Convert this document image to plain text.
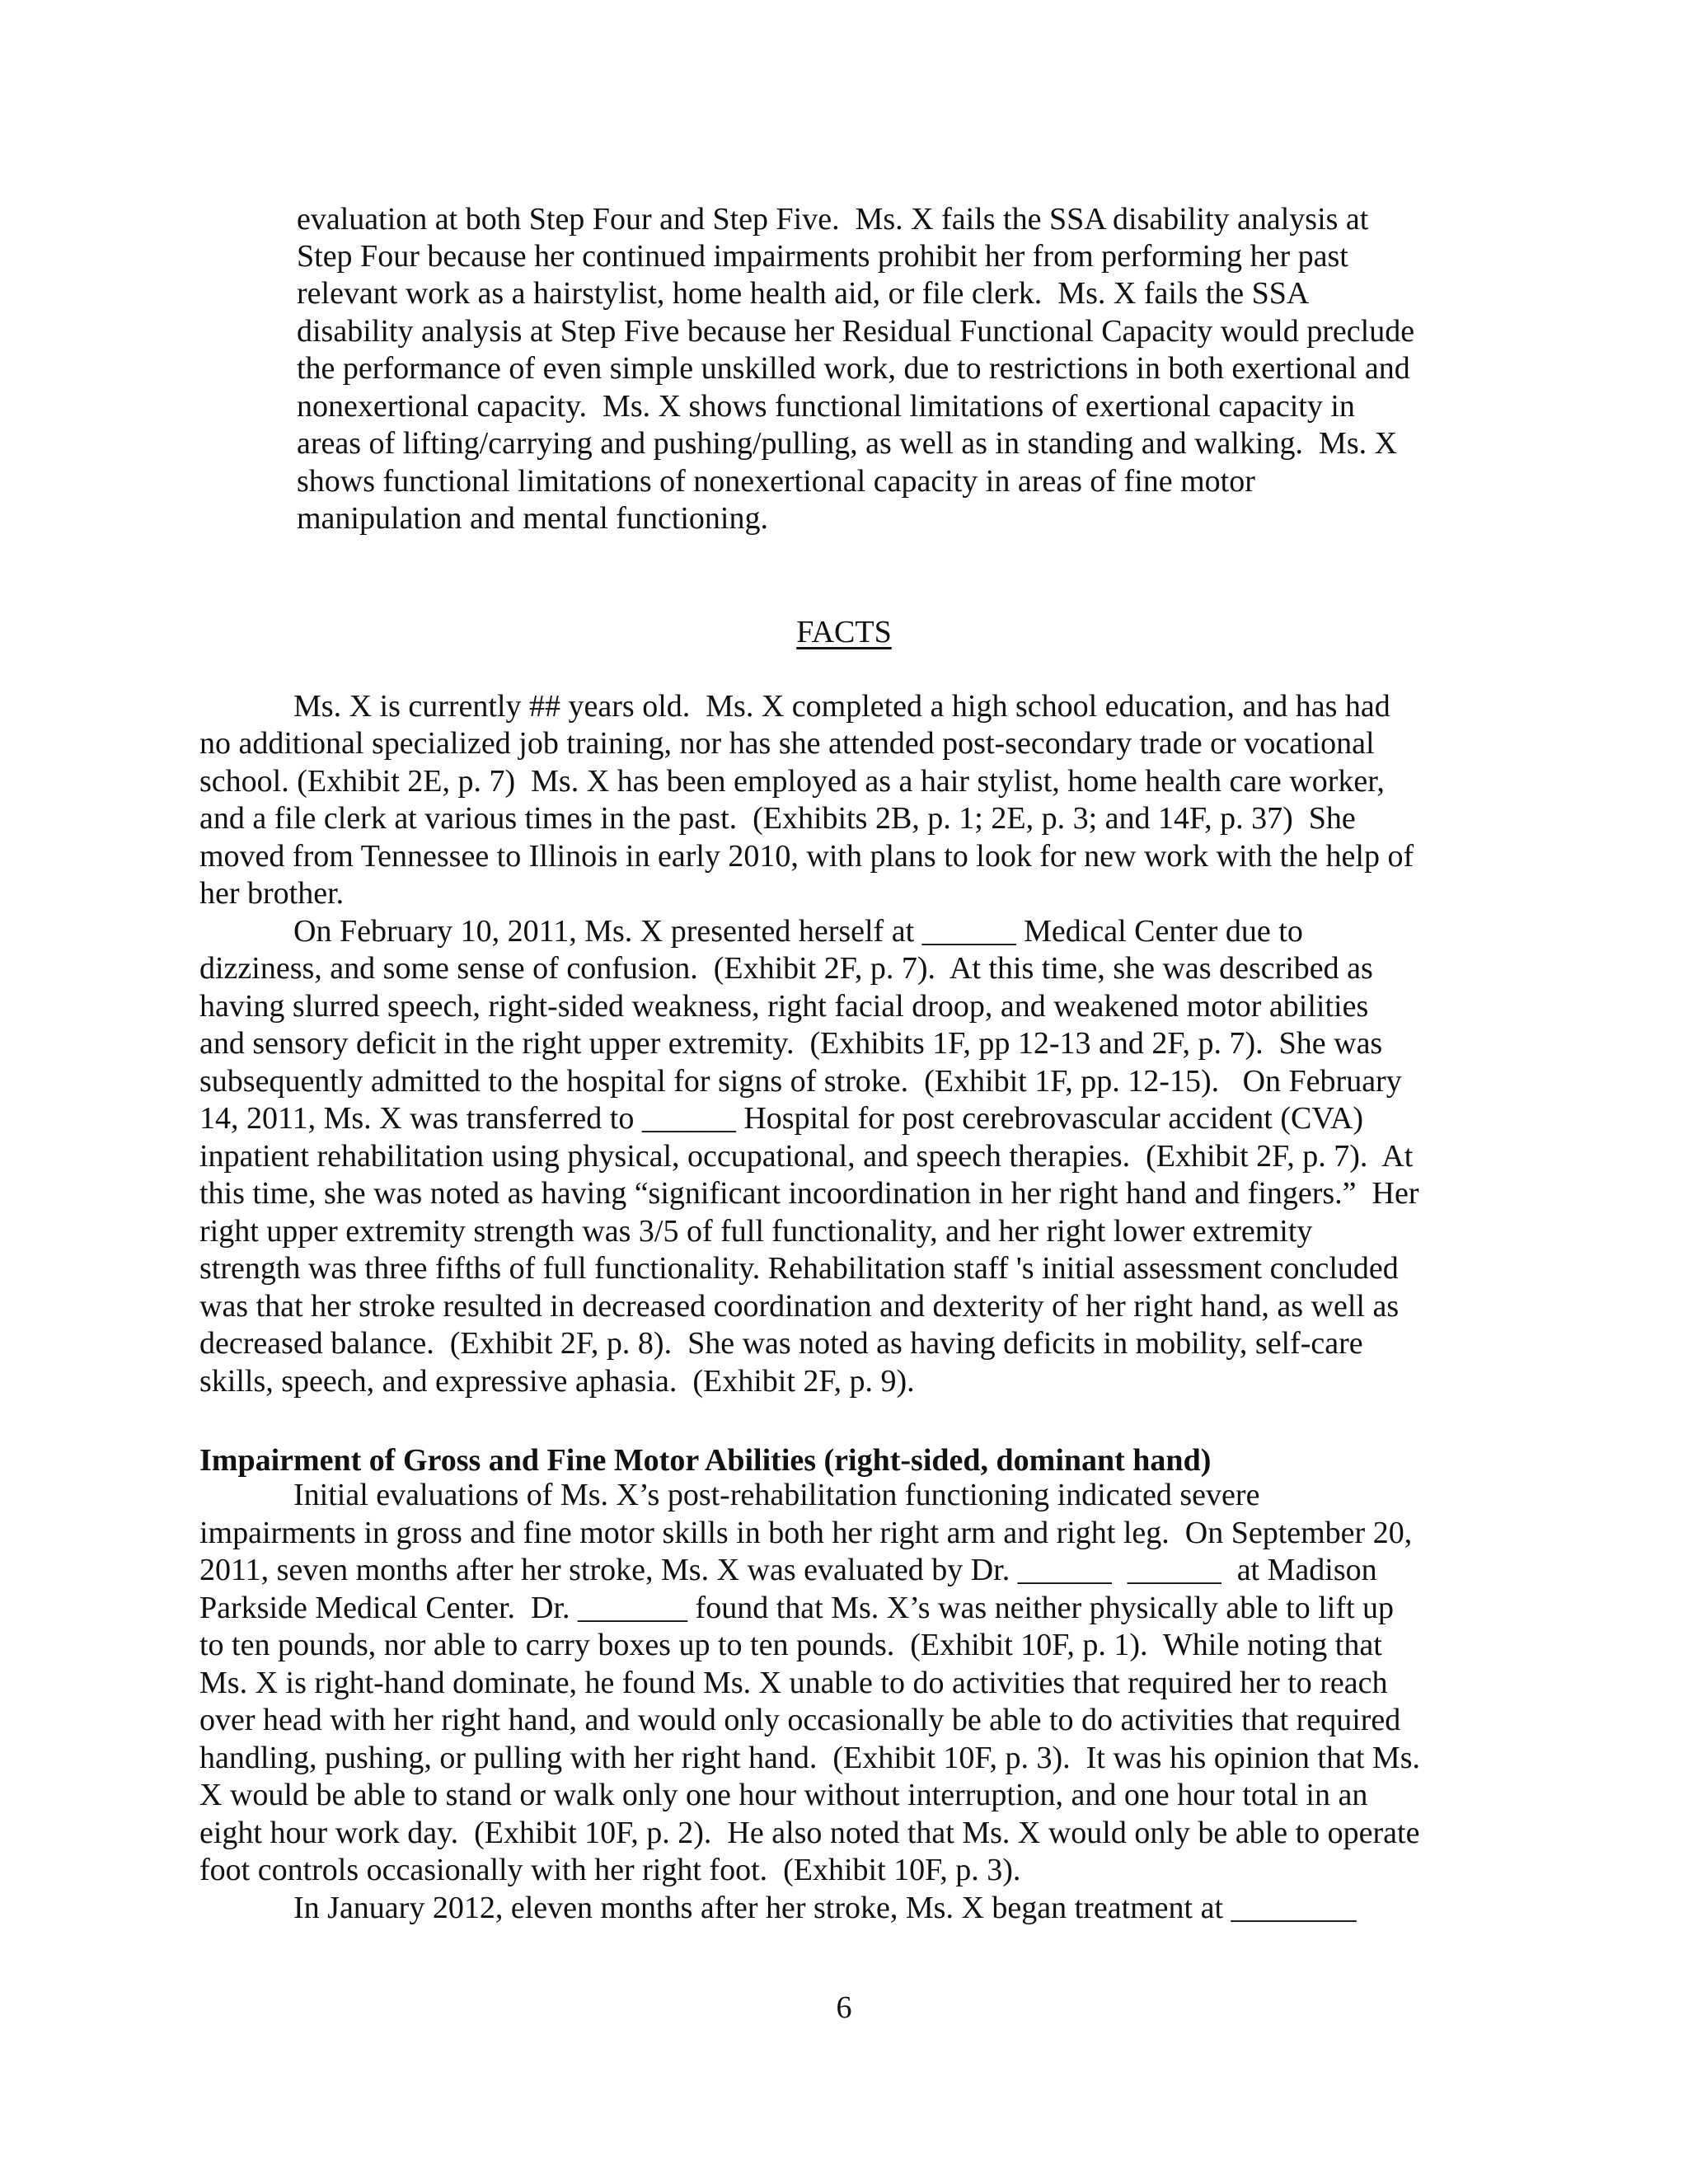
evaluation at both Step Four and Step Five.  Ms. X fails the SSA disability analysis at
Step Four because her continued impairments prohibit her from performing her past
relevant work as a hairstylist, home health aid, or file clerk.  Ms. X fails the SSA
disability analysis at Step Five because her Residual Functional Capacity would preclude
the performance of even simple unskilled work, due to restrictions in both exertional and
nonexertional capacity.  Ms. X shows functional limitations of exertional capacity in
areas of lifting/carrying and pushing/pulling, as well as in standing and walking.  Ms. X
shows functional limitations of nonexertional capacity in areas of fine motor
manipulation and mental functioning.
FACTS
Ms. X is currently ## years old.  Ms. X completed a high school education, and has had
no additional specialized job training, nor has she attended post-secondary trade or vocational
school. (Exhibit 2E, p. 7)  Ms. X has been employed as a hair stylist, home health care worker,
and a file clerk at various times in the past.  (Exhibits 2B, p. 1; 2E, p. 3; and 14F, p. 37)  She
moved from Tennessee to Illinois in early 2010, with plans to look for new work with the help of
her brother.
On February 10, 2011, Ms. X presented herself at ______ Medical Center due to
dizziness, and some sense of confusion.  (Exhibit 2F, p. 7).  At this time, she was described as
having slurred speech, right-sided weakness, right facial droop, and weakened motor abilities
and sensory deficit in the right upper extremity.  (Exhibits 1F, pp 12-13 and 2F, p. 7).  She was
subsequently admitted to the hospital for signs of stroke.  (Exhibit 1F, pp. 12-15).   On February
14, 2011, Ms. X was transferred to ______ Hospital for post cerebrovascular accident (CVA)
inpatient rehabilitation using physical, occupational, and speech therapies.  (Exhibit 2F, p. 7).  At
this time, she was noted as having “significant incoordination in her right hand and fingers.”  Her
right upper extremity strength was 3/5 of full functionality, and her right lower extremity
strength was three fifths of full functionality. Rehabilitation staff 's initial assessment concluded
was that her stroke resulted in decreased coordination and dexterity of her right hand, as well as
decreased balance.  (Exhibit 2F, p. 8).  She was noted as having deficits in mobility, self-care
skills, speech, and expressive aphasia.  (Exhibit 2F, p. 9).
Impairment of Gross and Fine Motor Abilities (right-sided, dominant hand)
Initial evaluations of Ms. X’s post-rehabilitation functioning indicated severe
impairments in gross and fine motor skills in both her right arm and right leg.  On September 20,
2011, seven months after her stroke, Ms. X was evaluated by Dr. ______  ______  at Madison
Parkside Medical Center.  Dr. _______ found that Ms. X’s was neither physically able to lift up
to ten pounds, nor able to carry boxes up to ten pounds.  (Exhibit 10F, p. 1).  While noting that
Ms. X is right-hand dominate, he found Ms. X unable to do activities that required her to reach
over head with her right hand, and would only occasionally be able to do activities that required
handling, pushing, or pulling with her right hand.  (Exhibit 10F, p. 3).  It was his opinion that Ms.
X would be able to stand or walk only one hour without interruption, and one hour total in an
eight hour work day.  (Exhibit 10F, p. 2).  He also noted that Ms. X would only be able to operate
foot controls occasionally with her right foot.  (Exhibit 10F, p. 3).
In January 2012, eleven months after her stroke, Ms. X began treatment at ________
6
